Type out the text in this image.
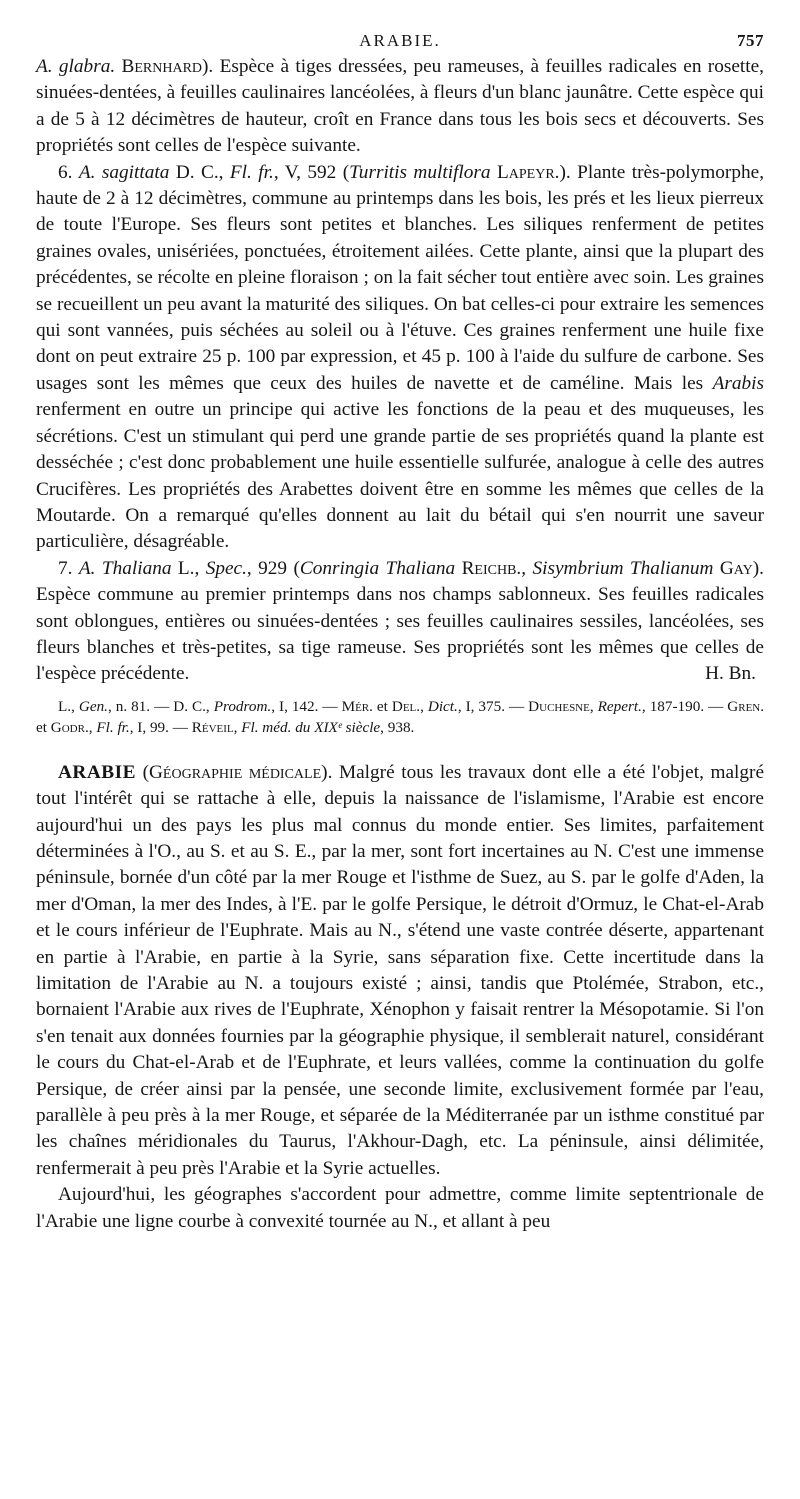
ARABIE.	757

A. glabra. Bernhard). Espèce à tiges dressées, peu rameuses, à feuilles radicales en rosette, sinuées-dentées, à feuilles caulinaires lancéolées, à fleurs d'un blanc jaunâtre. Cette espèce qui a de 5 à 12 décimètres de hauteur, croît en France dans tous les bois secs et découverts. Ses propriétés sont celles de l'espèce suivante.

6. A. sagittata D. C., Fl. fr., V, 592 (Turritis multiflora Lapeyr.). Plante très-polymorphe, haute de 2 à 12 décimètres, commune au printemps dans les bois, les prés et les lieux pierreux de toute l'Europe. Ses fleurs sont petites et blanches. Les siliques renferment de petites graines ovales, unisériées, ponctuées, étroitement ailées. Cette plante, ainsi que la plupart des précédentes, se récolte en pleine floraison ; on la fait sécher tout entière avec soin. Les graines se recueillent un peu avant la maturité des siliques. On bat celles-ci pour extraire les semences qui sont vannées, puis séchées au soleil ou à l'étuve. Ces graines renferment une huile fixe dont on peut extraire 25 p. 100 par expression, et 45 p. 100 à l'aide du sulfure de carbone. Ses usages sont les mêmes que ceux des huiles de navette et de caméline. Mais les Arabis renferment en outre un principe qui active les fonctions de la peau et des muqueuses, les sécrétions. C'est un stimulant qui perd une grande partie de ses propriétés quand la plante est desséchée ; c'est donc probablement une huile essentielle sulfurée, analogue à celle des autres Crucifères. Les propriétés des Arabettes doivent être en somme les mêmes que celles de la Moutarde. On a remarqué qu'elles donnent au lait du bétail qui s'en nourrit une saveur particulière, désagréable.

7. A. Thaliana L., Spec., 929 (Conringia Thaliana Reichb., Sisymbrium Thalianum Gay). Espèce commune au premier printemps dans nos champs sablonneux. Ses feuilles radicales sont oblongues, entières ou sinuées-dentées ; ses feuilles caulinaires sessiles, lancéolées, ses fleurs blanches et très-petites, sa tige rameuse. Ses propriétés sont les mêmes que celles de l'espèce précédente.	H. Bn.

L., Gen., n. 81. — D. C., Prodrom., I, 142. — Mér. et Del., Dict., I, 375. — Duchesne, Repert., 187-190. — Gren. et Godr., Fl. fr., I, 99. — Réveil, Fl. méd. du XIXᵉ siècle, 938.

ARABIE (Géographie médicale). Malgré tous les travaux dont elle a été l'objet, malgré tout l'intérêt qui se rattache à elle, depuis la naissance de l'islamisme, l'Arabie est encore aujourd'hui un des pays les plus mal connus du monde entier. Ses limites, parfaitement déterminées à l'O., au S. et au S. E., par la mer, sont fort incertaines au N. C'est une immense péninsule, bornée d'un côté par la mer Rouge et l'isthme de Suez, au S. par le golfe d'Aden, la mer d'Oman, la mer des Indes, à l'E. par le golfe Persique, le détroit d'Ormuz, le Chat-el-Arab et le cours inférieur de l'Euphrate. Mais au N., s'étend une vaste contrée déserte, appartenant en partie à l'Arabie, en partie à la Syrie, sans séparation fixe. Cette incertitude dans la limitation de l'Arabie au N. a toujours existé ; ainsi, tandis que Ptolémée, Strabon, etc., bornaient l'Arabie aux rives de l'Euphrate, Xénophon y faisait rentrer la Mésopotamie. Si l'on s'en tenait aux données fournies par la géographie physique, il semblerait naturel, considérant le cours du Chat-el-Arab et de l'Euphrate, et leurs vallées, comme la continuation du golfe Persique, de créer ainsi par la pensée, une seconde limite, exclusivement formée par l'eau, parallèle à peu près à la mer Rouge, et séparée de la Méditerranée par un isthme constitué par les chaînes méridionales du Taurus, l'Akhour-Dagh, etc. La péninsule, ainsi délimitée, renfermerait à peu près l'Arabie et la Syrie actuelles.

Aujourd'hui, les géographes s'accordent pour admettre, comme limite septentrionale de l'Arabie une ligne courbe à convexité tournée au N., et allant à peu
